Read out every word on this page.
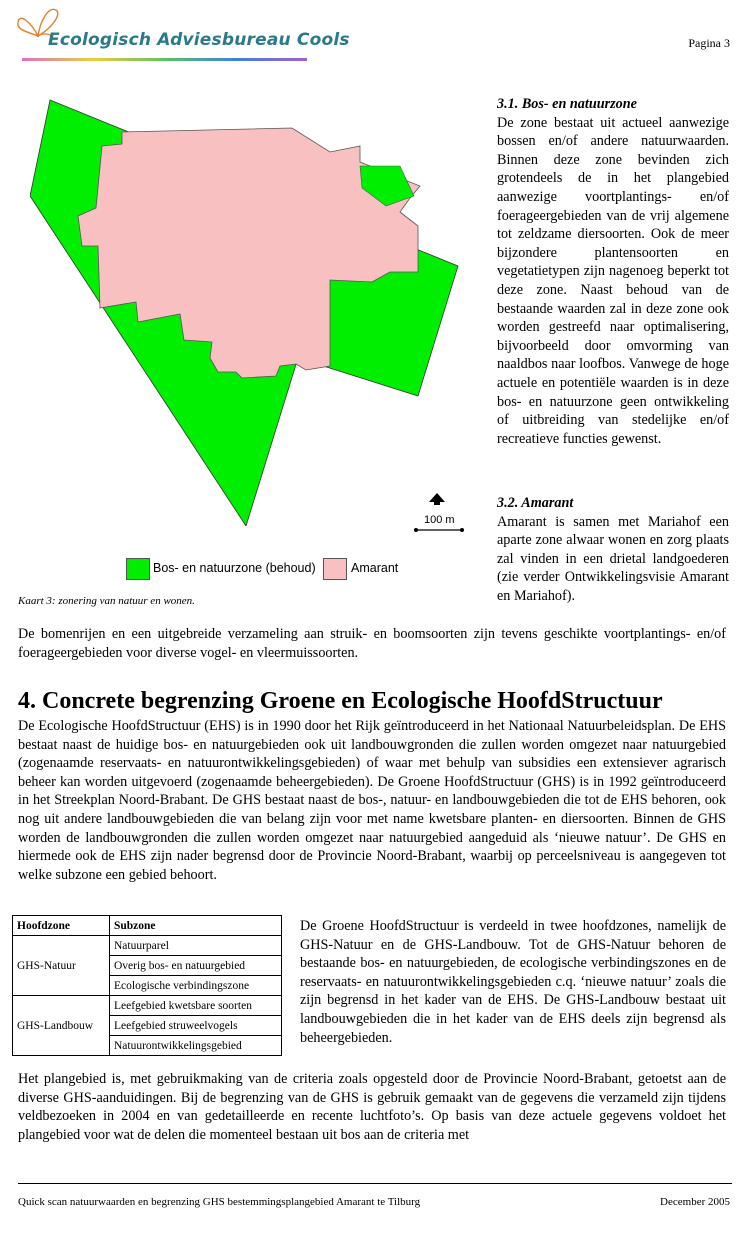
Ecologisch Adviesbureau Cools	Pagina 3
100 m
Bos- en natuurzone (behoud)	Amarant
Kaart 3: zonering van natuur en wonen.
3.1. Bos- en natuurzone

De zone bestaat uit actueel aanwezige bossen en/of andere natuurwaarden. Binnen deze zone bevinden zich grotendeels de in het plangebied aanwezige voortplantings- en/of foerageergebieden van de vrij algemene tot zeldzame diersoorten. Ook de meer bijzondere plantensoorten en vegetatietypen zijn nagenoeg beperkt tot deze zone. Naast behoud van de bestaande waarden zal in deze zone ook worden gestreefd naar optimalisering, bijvoorbeeld door omvorming van naaldbos naar loofbos. Vanwege de hoge actuele en potentiële waarden is in deze bos- en natuurzone geen ontwikkeling of uitbreiding van stedelijke en/of recreatieve functies gewenst.

3.2. Amarant

Amarant is samen met Mariahof een aparte zone alwaar wonen en zorg plaats zal vinden in een drietal landgoederen (zie verder Ontwikkelingsvisie Amarant en Mariahof).

De bomenrijen en een uitgebreide verzameling aan struik- en boomsoorten zijn tevens geschikte voortplantings- en/of foerageergebieden voor diverse vogel- en vleermuissoorten.

4. Concrete begrenzing Groene en Ecologische HoofdStructuur

De Ecologische HoofdStructuur (EHS) is in 1990 door het Rijk geïntroduceerd in het Nationaal Natuurbeleidsplan. De EHS bestaat naast de huidige bos- en natuurgebieden ook uit landbouwgronden die zullen worden omgezet naar natuurgebied (zogenaamde reservaats- en natuurontwikkelingsgebieden) of waar met behulp van subsidies een extensiever agrarisch beheer kan worden uitgevoerd (zogenaamde beheergebieden). De Groene HoofdStructuur (GHS) is in 1992 geïntroduceerd in het Streekplan Noord-Brabant. De GHS bestaat naast de bos-, natuur- en landbouwgebieden die tot de EHS behoren, ook nog uit andere landbouwgebieden die van belang zijn voor met name kwetsbare planten- en diersoorten. Binnen de GHS worden de landbouwgronden die zullen worden omgezet naar natuurgebied aangeduid als ‘nieuwe natuur’. De GHS en hiermede ook de EHS zijn nader begrensd door de Provincie Noord-Brabant, waarbij op perceelsniveau is aangegeven tot welke subzone een gebied behoort.

Hoofdzone	Subzone
GHS-Natuur	Natuurparel
	Overig bos- en natuurgebied
	Ecologische verbindingszone
GHS-Landbouw	Leefgebied kwetsbare soorten
	Leefgebied struweelvogels
	Natuurontwikkelingsgebied

De Groene HoofdStructuur is verdeeld in twee hoofdzones, namelijk de GHS-Natuur en de GHS-Landbouw. Tot de GHS-Natuur behoren de bestaande bos- en natuurgebieden, de ecologische verbindingszones en de reservaats- en natuurontwikkelingsgebieden c.q. ‘nieuwe natuur’ zoals die zijn begrensd in het kader van de EHS. De GHS-Landbouw bestaat uit landbouwgebieden die in het kader van de EHS deels zijn begrensd als beheergebieden.

Het plangebied is, met gebruikmaking van de criteria zoals opgesteld door de Provincie Noord-Brabant, getoetst aan de diverse GHS-aanduidingen. Bij de begrenzing van de GHS is gebruik gemaakt van de gegevens die verzameld zijn tijdens veldbezoeken in 2004 en van gedetailleerde en recente luchtfoto’s. Op basis van deze actuele gegevens voldoet het plangebied voor wat de delen die momenteel bestaan uit bos aan de criteria met

Quick scan natuurwaarden en begrenzing GHS bestemmingsplangebied Amarant te Tilburg	December 2005
